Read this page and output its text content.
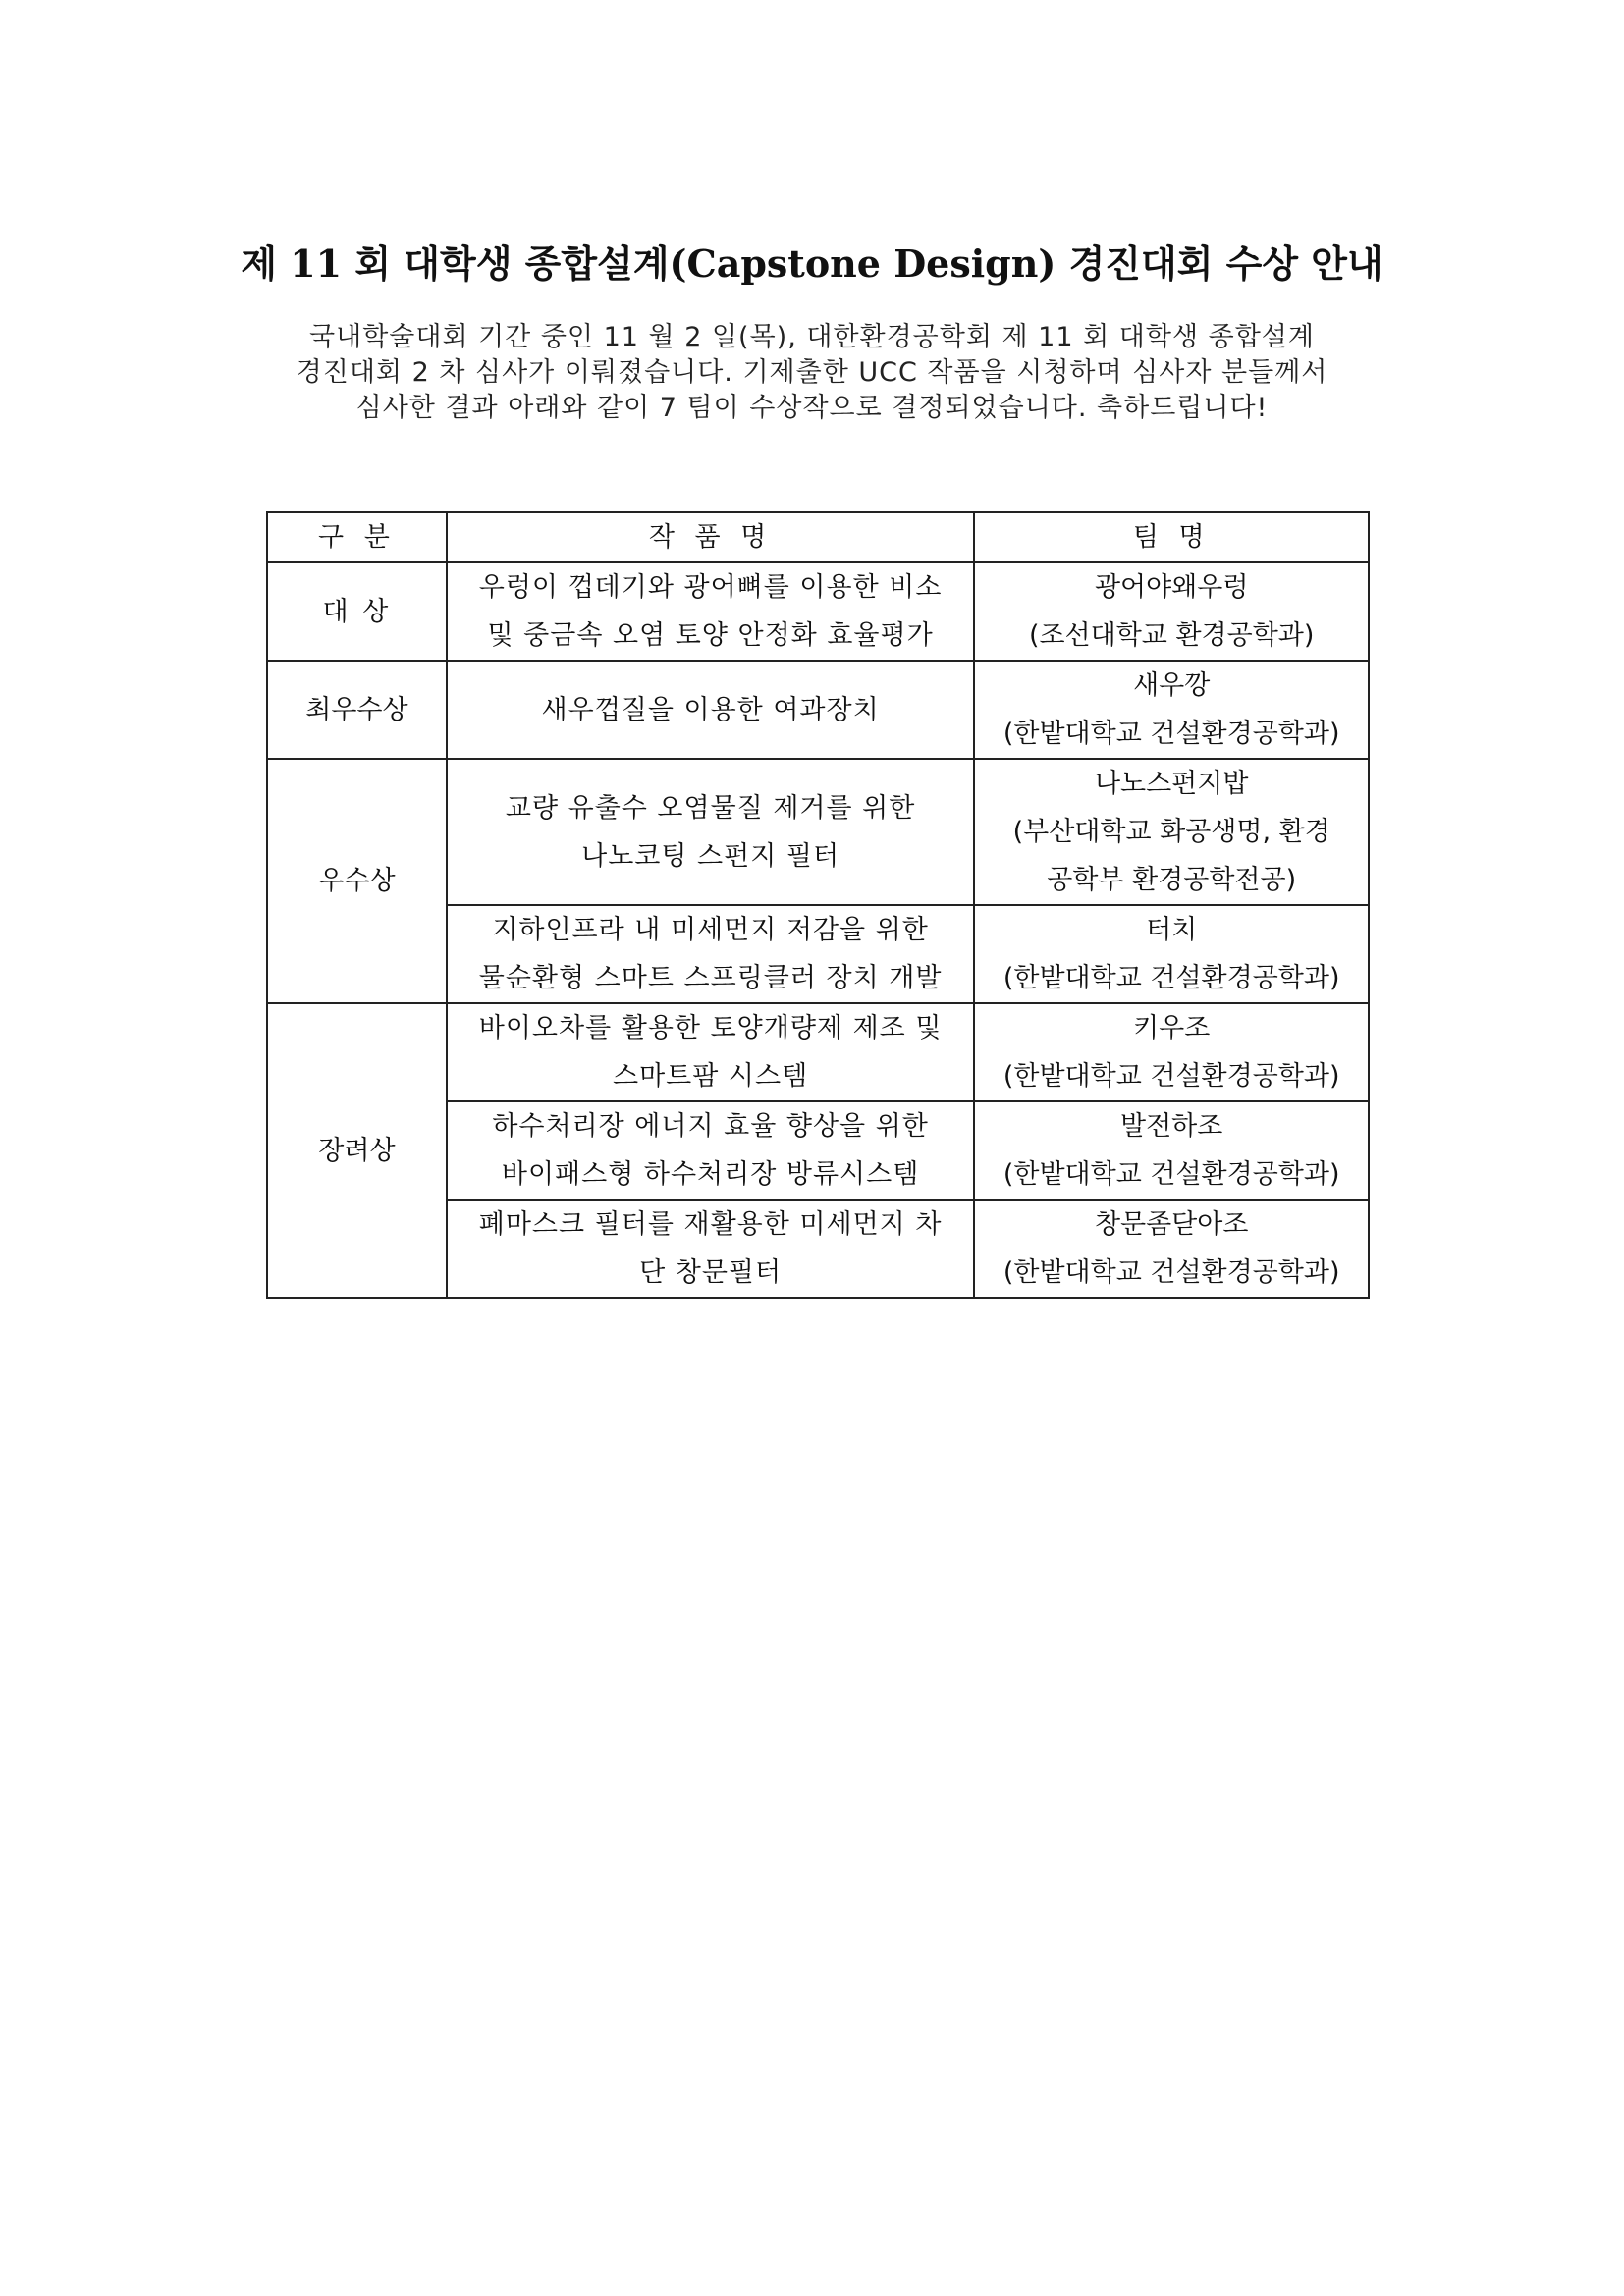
제 11 회 대학생 종합설계(Capstone Design) 경진대회 수상 안내
국내학술대회 기간 중인 11 월 2 일(목), 대한환경공학회 제 11 회 대학생 종합설계
경진대회 2 차 심사가 이뤄졌습니다. 기제출한 UCC 작품을 시청하며 심사자 분들께서
심사한 결과 아래와 같이 7 팀이 수상작으로 결정되었습니다. 축하드립니다!
구 분	작 품 명	팀 명
대 상	우렁이 껍데기와 광어뼈를 이용한 비소
및 중금속 오염 토양 안정화 효율평가	광어야왜우렁
(조선대학교 환경공학과)

최우수상	새우껍질을 이용한 여과장치	새우깡
(한밭대학교 건설환경공학과)

우수상	교량 유출수 오염물질 제거를 위한
나노코팅 스펀지 필터	나노스펀지밥
(부산대학교 화공생명, 환경
공학부 환경공학전공)

	지하인프라 내 미세먼지 저감을 위한
물순환형 스마트 스프링클러 장치 개발	터치
(한밭대학교 건설환경공학과)

장려상	바이오차를 활용한 토양개량제 제조 및
스마트팜 시스템	키우조
(한밭대학교 건설환경공학과)

	하수처리장 에너지 효율 향상을 위한
바이패스형 하수처리장 방류시스템	발전하조
(한밭대학교 건설환경공학과)

	폐마스크 필터를 재활용한 미세먼지 차
단 창문필터	창문좀닫아조
(한밭대학교 건설환경공학과)
